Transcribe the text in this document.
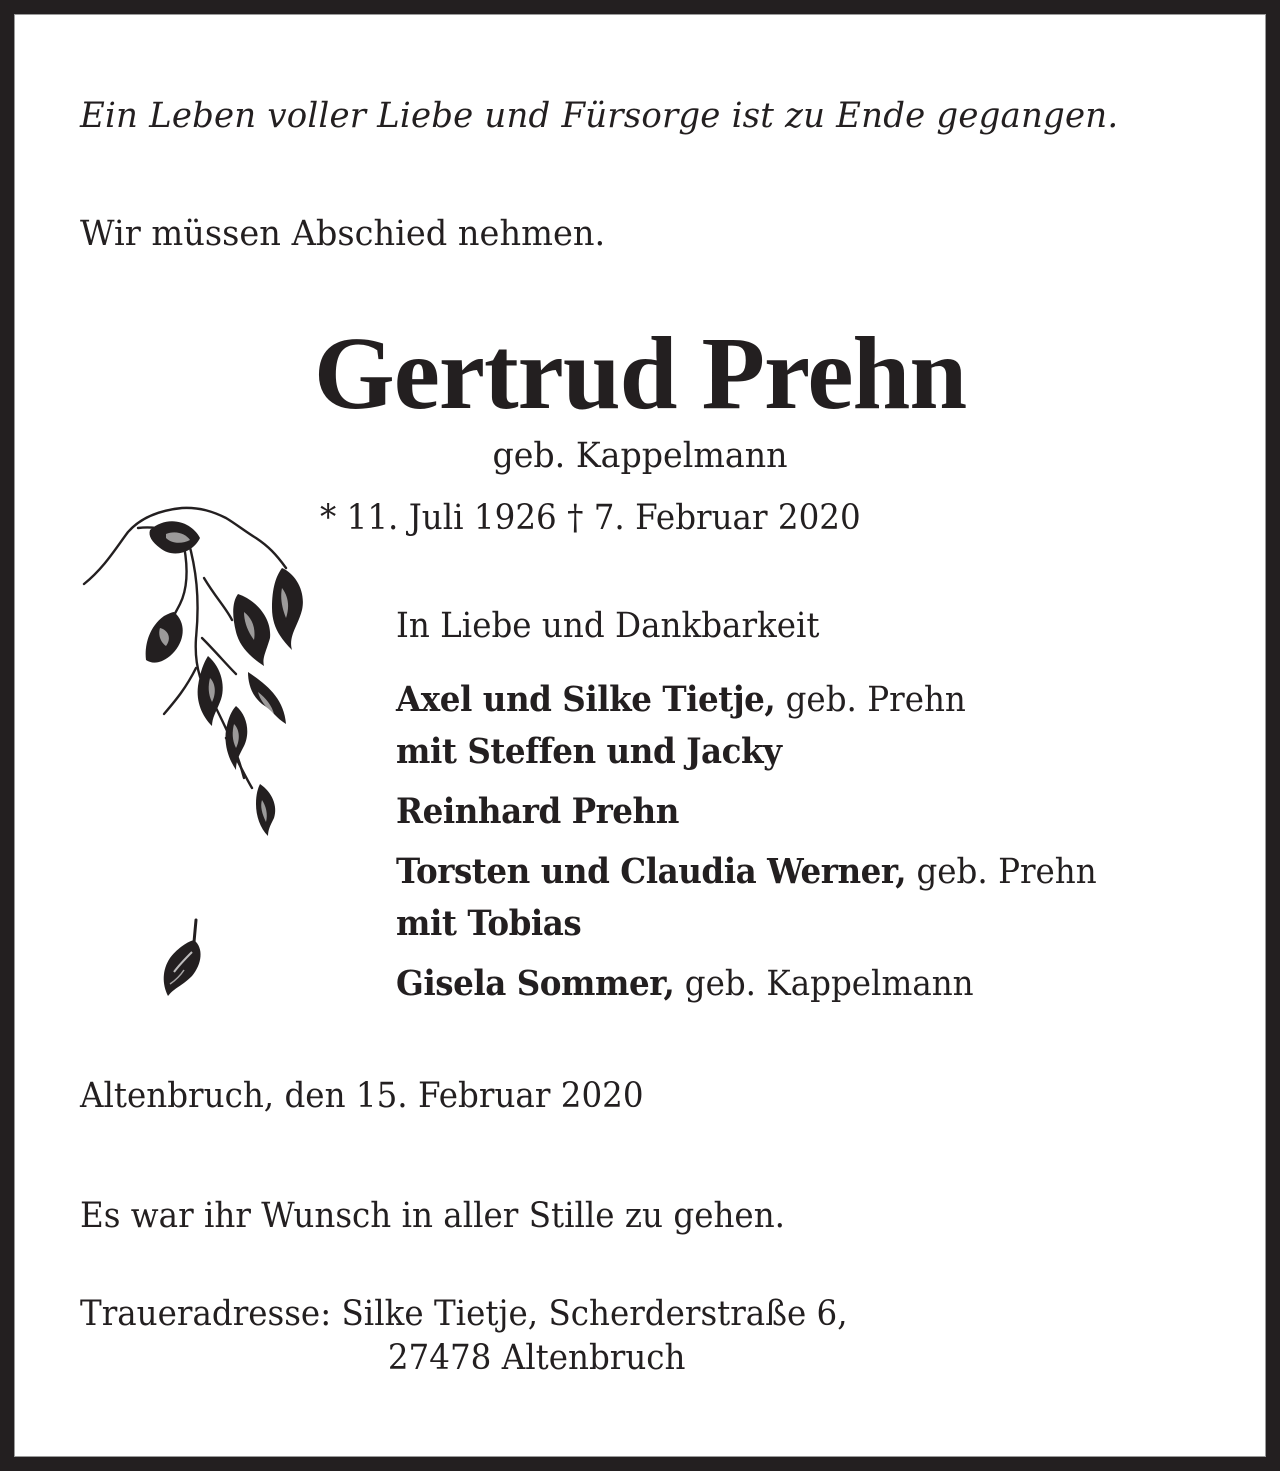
Ein Leben voller Liebe und Fürsorge ist zu Ende gegangen.
Wir müssen Abschied nehmen.
Gertrud Prehn
geb. Kappelmann
* 11. Juli 1926 † 7. Februar 2020
In Liebe und Dankbarkeit
Axel und Silke Tietje, geb. Prehn
mit Steffen und Jacky
Reinhard Prehn
Torsten und Claudia Werner, geb. Prehn
mit Tobias
Gisela Sommer, geb. Kappelmann
Altenbruch, den 15. Februar 2020
Es war ihr Wunsch in aller Stille zu gehen.
Traueradresse: Silke Tietje, Scherderstraße 6,
27478 Altenbruch
